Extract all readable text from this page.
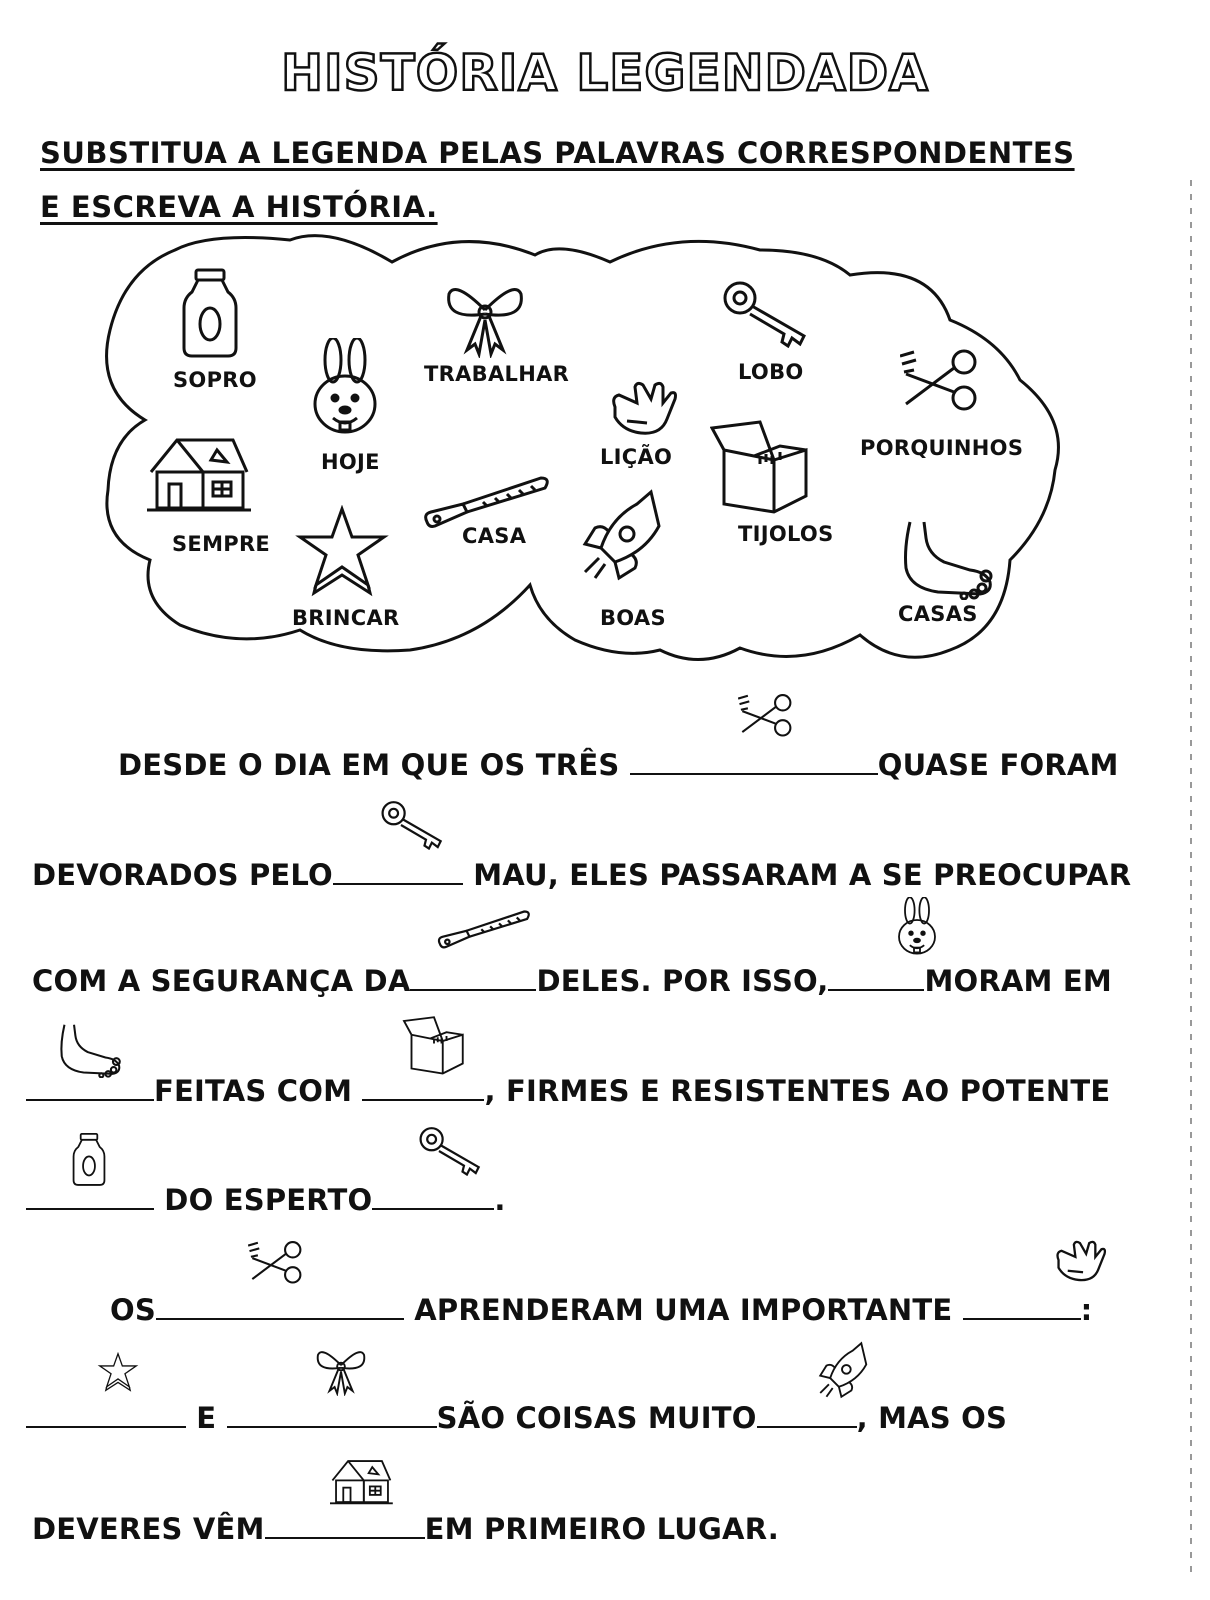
HISTÓRIA LEGENDADA
SUBSTITUA A LEGENDA PELAS PALAVRAS CORRESPONDENTES
E ESCREVA A HISTÓRIA.
SOPRO
HOJE
TRABALHAR
LIÇÃO
LOBO
PORQUINHOS
SEMPRE	CASA
BOAS
TIJOLOS
BRINCAR	CASAS
DESDE O DIA EM QUE OS TRÊS	QUASE FORAM
DEVORADOS PELO	MAU, ELES PASSARAM A SE PREOCUPAR
COM A SEGURANÇA DA	DELES. POR ISSO,	MORAM EM
FEITAS COM	, FIRMES E RESISTENTES AO POTENTE
DO ESPERTO	.
OS	APRENDERAM UMA IMPORTANTE	:
E	SÃO COISAS MUITO	, MAS OS
DEVERES VÊM	EM PRIMEIRO LUGAR.
